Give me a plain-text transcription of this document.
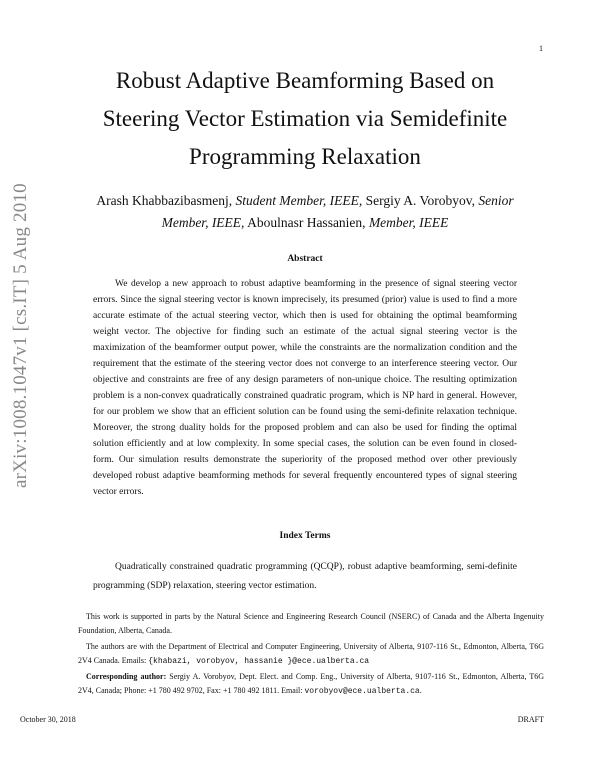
1
arXiv:1008.1047v1 [cs.IT] 5 Aug 2010
Robust Adaptive Beamforming Based on
Steering Vector Estimation via Semidefinite
Programming Relaxation
Arash Khabbazibasmenj, Student Member, IEEE, Sergiy A. Vorobyov, Senior Member, IEEE, Aboulnasr Hassanien, Member, IEEE
Abstract

We develop a new approach to robust adaptive beamforming in the presence of signal steering vector errors. Since the signal steering vector is known imprecisely, its presumed (prior) value is used to find a more accurate estimate of the actual steering vector, which then is used for obtaining the optimal beamforming weight vector. The objective for finding such an estimate of the actual signal steering vector is the maximization of the beamformer output power, while the constraints are the normalization condition and the requirement that the estimate of the steering vector does not converge to an interference steering vector. Our objective and constraints are free of any design parameters of non-unique choice. The resulting optimization problem is a non-convex quadratically constrained quadratic program, which is NP hard in general. However, for our problem we show that an efficient solution can be found using the semi-definite relaxation technique. Moreover, the strong duality holds for the proposed problem and can also be used for finding the optimal solution efficiently and at low complexity. In some special cases, the solution can be even found in closed-form. Our simulation results demonstrate the superiority of the proposed method over other previously developed robust adaptive beamforming methods for several frequently encountered types of signal steering vector errors.

Index Terms

Quadratically constrained quadratic programming (QCQP), robust adaptive beamforming, semi-definite programming (SDP) relaxation, steering vector estimation.

This work is supported in parts by the Natural Science and Engineering Research Council (NSERC) of Canada and the Alberta Ingenuity Foundation, Alberta, Canada.

The authors are with the Department of Electrical and Computer Engineering, University of Alberta, 9107-116 St., Edmonton, Alberta, T6G 2V4 Canada. Emails: {khabazi, vorobyov, hassanie }@ece.ualberta.ca

Corresponding author: Sergiy A. Vorobyov, Dept. Elect. and Comp. Eng., University of Alberta, 9107-116 St., Edmonton, Alberta, T6G 2V4, Canada; Phone: +1 780 492 9702, Fax: +1 780 492 1811. Email: vorobyov@ece.ualberta.ca.

October 30, 2018	DRAFT
